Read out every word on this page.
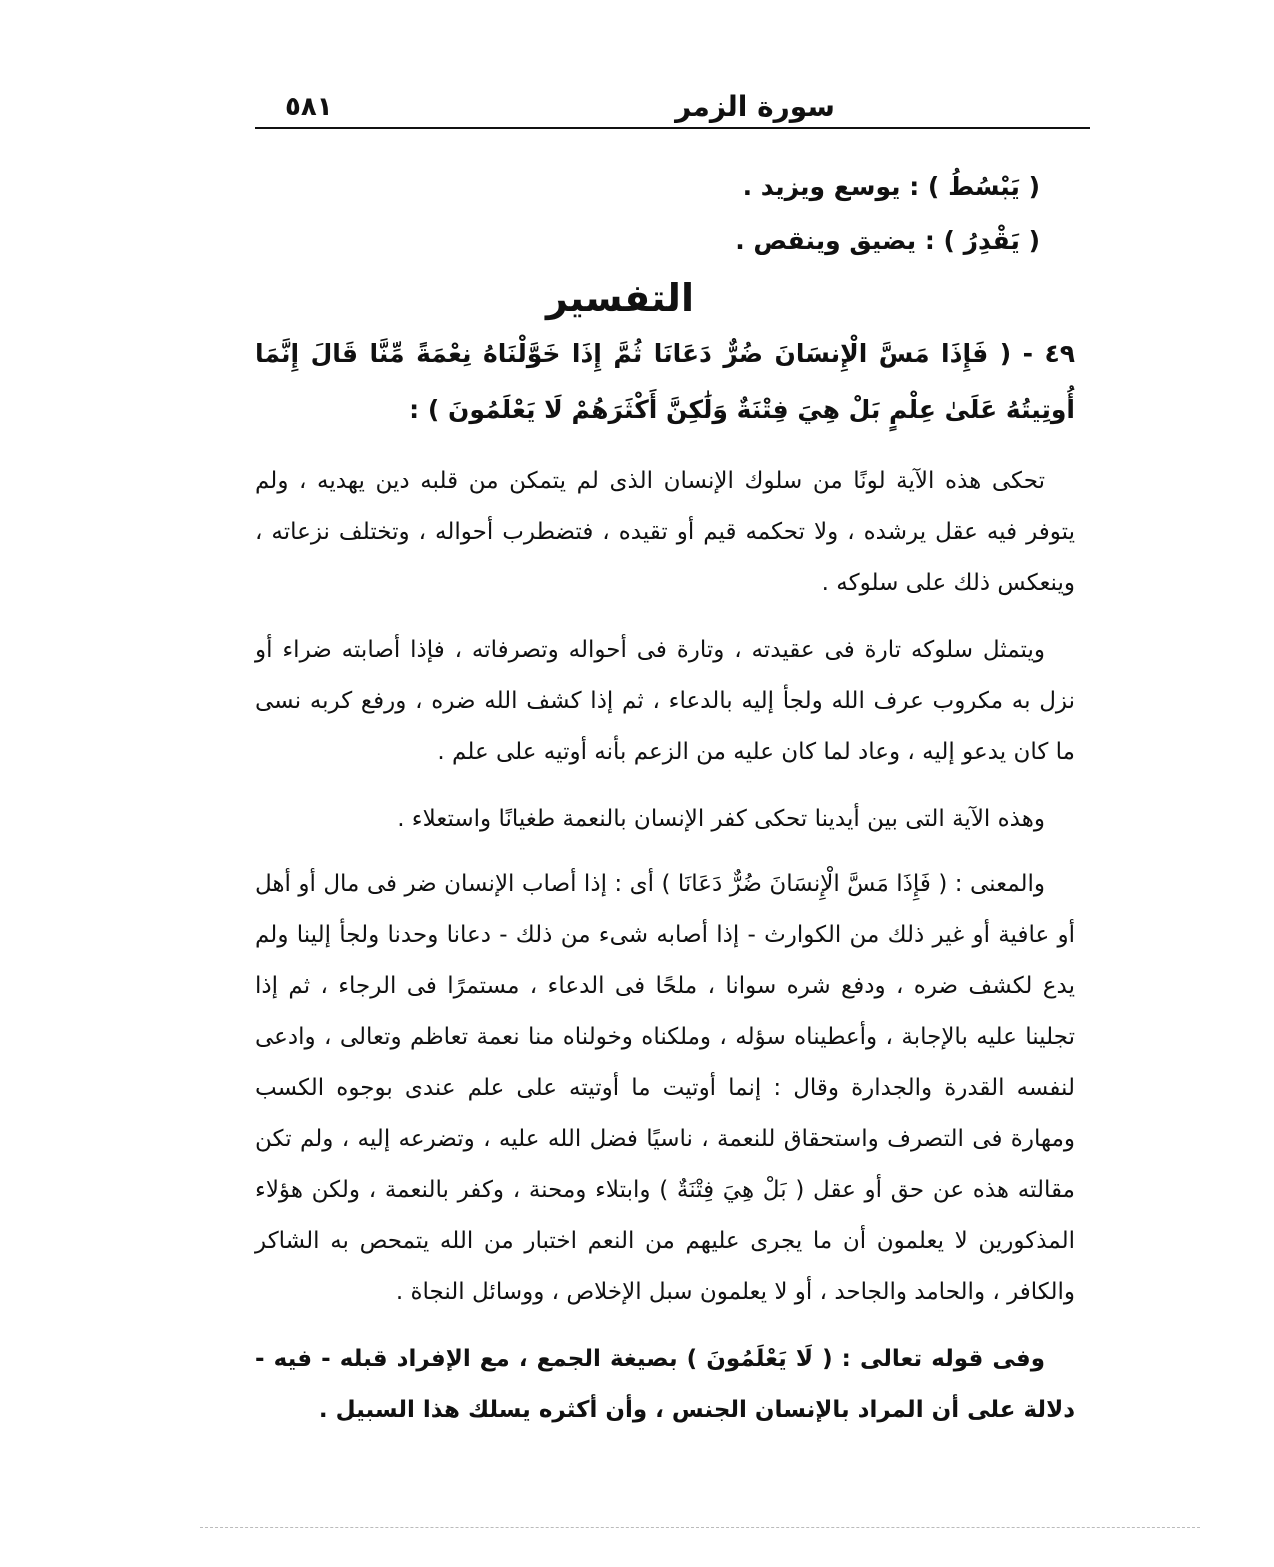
٥٨١	سورة الزمر
( يَبْسُطُ ) : يوسع ويزيد .
( يَقْدِرُ ) : يضيق وينقص .
التفسير
٤٩ - ( فَإِذَا مَسَّ الْإِنسَانَ ضُرٌّ دَعَانَا ثُمَّ إِذَا خَوَّلْنَاهُ نِعْمَةً مِّنَّا قَالَ إِنَّمَا أُوتِيتُهُ عَلَىٰ عِلْمٍ بَلْ هِيَ فِتْنَةٌ وَلَٰكِنَّ أَكْثَرَهُمْ لَا يَعْلَمُونَ ) :

تحكى هذه الآية لونًا من سلوك الإنسان الذى لم يتمكن من قلبه دين يهديه ، ولم يتوفر فيه عقل يرشده ، ولا تحكمه قيم أو تقيده ، فتضطرب أحواله ، وتختلف نزعاته ، وينعكس ذلك على سلوكه .

ويتمثل سلوكه تارة فى عقيدته ، وتارة فى أحواله وتصرفاته ، فإذا أصابته ضراء أو نزل به مكروب عرف الله ولجأ إليه بالدعاء ، ثم إذا كشف الله ضره ، ورفع كربه نسى ما كان يدعو إليه ، وعاد لما كان عليه من الزعم بأنه أوتيه على علم .

وهذه الآية التى بين أيدينا تحكى كفر الإنسان بالنعمة طغيانًا واستعلاء .

والمعنى : ( فَإِذَا مَسَّ الْإِنسَانَ ضُرٌّ دَعَانَا ) أى : إذا أصاب الإنسان ضر فى مال أو أهل أو عافية أو غير ذلك من الكوارث - إذا أصابه شىء من ذلك - دعانا وحدنا ولجأ إلينا ولم يدع لكشف ضره ، ودفع شره سوانا ، ملحًا فى الدعاء ، مستمرًا فى الرجاء ، ثم إذا تجلينا عليه بالإجابة ، وأعطيناه سؤله ، وملكناه وخولناه منا نعمة تعاظم وتعالى ، وادعى لنفسه القدرة والجدارة وقال : إنما أوتيت ما أوتيته على علم عندى بوجوه الكسب ومهارة فى التصرف واستحقاق للنعمة ، ناسيًا فضل الله عليه ، وتضرعه إليه ، ولم تكن مقالته هذه عن حق أو عقل ( بَلْ هِيَ فِتْنَةٌ ) وابتلاء ومحنة ، وكفر بالنعمة ، ولكن هؤلاء المذكورين لا يعلمون أن ما يجرى عليهم من النعم اختبار من الله يتمحص به الشاكر والكافر ، والحامد والجاحد ، أو لا يعلمون سبل الإخلاص ، ووسائل النجاة .

وفى قوله تعالى : ( لَا يَعْلَمُونَ ) بصيغة الجمع ، مع الإفراد قبله - فيه - دلالة على أن المراد بالإنسان الجنس ، وأن أكثره يسلك هذا السبيل .
